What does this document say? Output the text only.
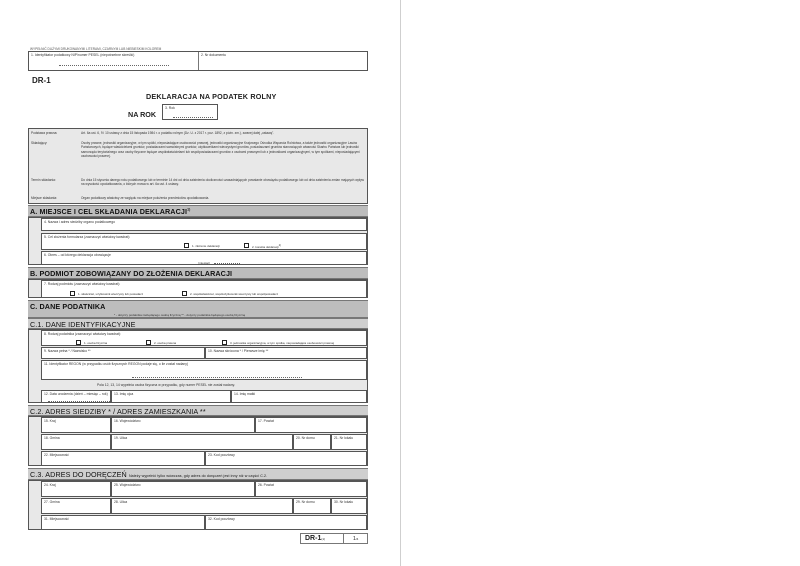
WYPEŁNIĆ DUŻYMI DRUKOWANYMI LITERAMI, CZARNYM LUB NIEBIESKIM KOLOREM
1. Identyfikator podatkowy NIP/numer PESEL (niepotrzebne skreślić)	2. Nr dokumentu
DR-1
DEKLARACJA NA PODATEK ROLNY
NA ROK
3. Rok
Podstawa prawna:	Art. 6a ust. 6, 9 i 10 ustawy z dnia 15 listopada 1984 r. o podatku rolnym (Dz. U. z 2017 r. poz. 1892, z późn. zm.), zwanej dalej „ustawą”.
Składający:	Osoby prawne, jednostki organizacyjne, w tym spółki, nieposiadające osobowości prawnej, jednostki organizacyjne Krajowego Ośrodka Wsparcia Rolnictwa, a także jednostki organizacyjne Lasów Państwowych, będące właścicielami gruntów, posiadaczami samoistnymi gruntów, użytkownikami wieczystymi gruntów, posiadaczami gruntów stanowiących własność Skarbu Państwa lub jednostki samorządu terytorialnego oraz osoby fizyczne będące współwłaścicielami lub współposiadaczami gruntów z osobami prawnymi lub z jednostkami organizacyjnymi, w tym spółkami, nieposiadającymi osobowości prawnej.
Termin składania:	Do dnia 15 stycznia danego roku podatkowego lub w terminie 14 dni od dnia zaistnienia okoliczności uzasadniających powstanie obowiązku podatkowego lub od dnia zaistnienia zmian mających wpływ na wysokość opodatkowania, o których mowa w art. 6a ust. 4 ustawy.
Miejsce składania:	Organ podatkowy właściwy ze względu na miejsce położenia przedmiotów opodatkowania.
A. MIEJSCE I CEL SKŁADANIA DEKLARACJI$^{1)}$
4. Nazwa i adres siedziby organu podatkowego
5. Cel złożenia formularza (zaznaczyć właściwy kwadrat):
1. złożenie deklaracji	2. korekta deklaracji$^{2)}$
6. Okres – od którego deklaracja obowiązuje
(miesiąc)
B. PODMIOT ZOBOWIĄZANY DO ZŁOŻENIA DEKLARACJI
7. Rodzaj podmiotu (zaznaczyć właściwy kwadrat):
1. właściciel, użytkownik wieczysty lub posiadacz	2. współwłaściciel, współużytkownik wieczysty lub współposiadacz
C. DANE PODATNIKA
* - dotyczy podatnika niebędącego osobą fizyczną ** - dotyczy podatnika będącego osobą fizyczną
C.1. DANE IDENTYFIKACYJNE
8. Rodzaj podatnika (zaznaczyć właściwy kwadrat):
1. osoba fizyczna	2. osoba prawna	3. jednostka organizacyjna, w tym spółka, nieposiadająca osobowości prawnej
9. Nazwa pełna * / Nazwisko **	10. Nazwa skrócona * / Pierwsze imię **
11. Identyfikator REGON (w przypadku osób fizycznych REGON podaje się, o ile został nadany)
Pola 12, 13, 14 wypełnia osoba fizyczna w przypadku, gdy numer PESEL nie został nadany.
12. Data urodzenia (dzień – miesiąc – rok)	13. Imię ojca	14. Imię matki
C.2. ADRES SIEDZIBY * / ADRES ZAMIESZKANIA **
15. Kraj	16. Województwo	17. Powiat
18. Gmina	19. Ulica	20. Nr domu	21. Nr lokalu
22. Miejscowość	23. Kod pocztowy
C.3. ADRES DO DORĘCZEŃ Należy wypełnić tylko wówczas, gdy adres do doręczeń jest inny niż w części C.2.
24. Kraj	25. Województwo	26. Powiat
27. Gmina	28. Ulica	29. Nr domu	30. Nr lokalu
31. Miejscowość	32. Kod pocztowy
DR-1(1)	1/4
